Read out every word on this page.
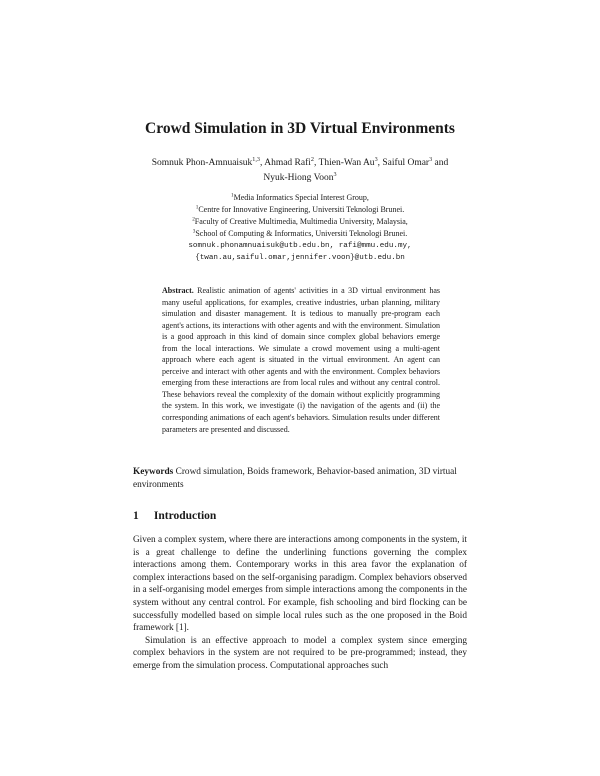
Crowd Simulation in 3D Virtual Environments
Somnuk Phon-Amnuaisuk$^{1,3}$, Ahmad Rafi$^2$, Thien-Wan Au$^3$, Saiful Omar$^3$ and
Nyuk-Hiong Voon$^3$
$^1$Media Informatics Special Interest Group,
$^1$Centre for Innovative Engineering, Universiti Teknologi Brunei.
$^2$Faculty of Creative Multimedia, Multimedia University, Malaysia,
$^3$School of Computing & Informatics, Universiti Teknologi Brunei.
somnuk.phonamnuaisuk@utb.edu.bn, rafi@mmu.edu.my,
{twan.au,saiful.omar,jennifer.voon}@utb.edu.bn
Abstract. Realistic animation of agents' activities in a 3D virtual environment has many useful applications, for examples, creative industries, urban planning, military simulation and disaster management. It is tedious to manually pre-program each agent's actions, its interactions with other agents and with the environment. Simulation is a good approach in this kind of domain since complex global behaviors emerge from the local interactions. We simulate a crowd movement using a multi-agent approach where each agent is situated in the virtual environment. An agent can perceive and interact with other agents and with the environment. Complex behaviors emerging from these interactions are from local rules and without any central control. These behaviors reveal the complexity of the domain without explicitly programming the system. In this work, we investigate (i) the navigation of the agents and (ii) the corresponding animations of each agent's behaviors. Simulation results under different parameters are presented and discussed.
Keywords Crowd simulation, Boids framework, Behavior-based animation, 3D virtual environments
1 Introduction

Given a complex system, where there are interactions among components in the system, it is a great challenge to define the underlining functions governing the complex interactions among them. Contemporary works in this area favor the explanation of complex interactions based on the self-organising paradigm. Complex behaviors observed in a self-organising model emerges from simple interactions among the components in the system without any central control. For example, fish schooling and bird flocking can be successfully modelled based on simple local rules such as the one proposed in the Boid framework [1].

Simulation is an effective approach to model a complex system since emerging complex behaviors in the system are not required to be pre-programmed; instead, they emerge from the simulation process. Computational approaches such
